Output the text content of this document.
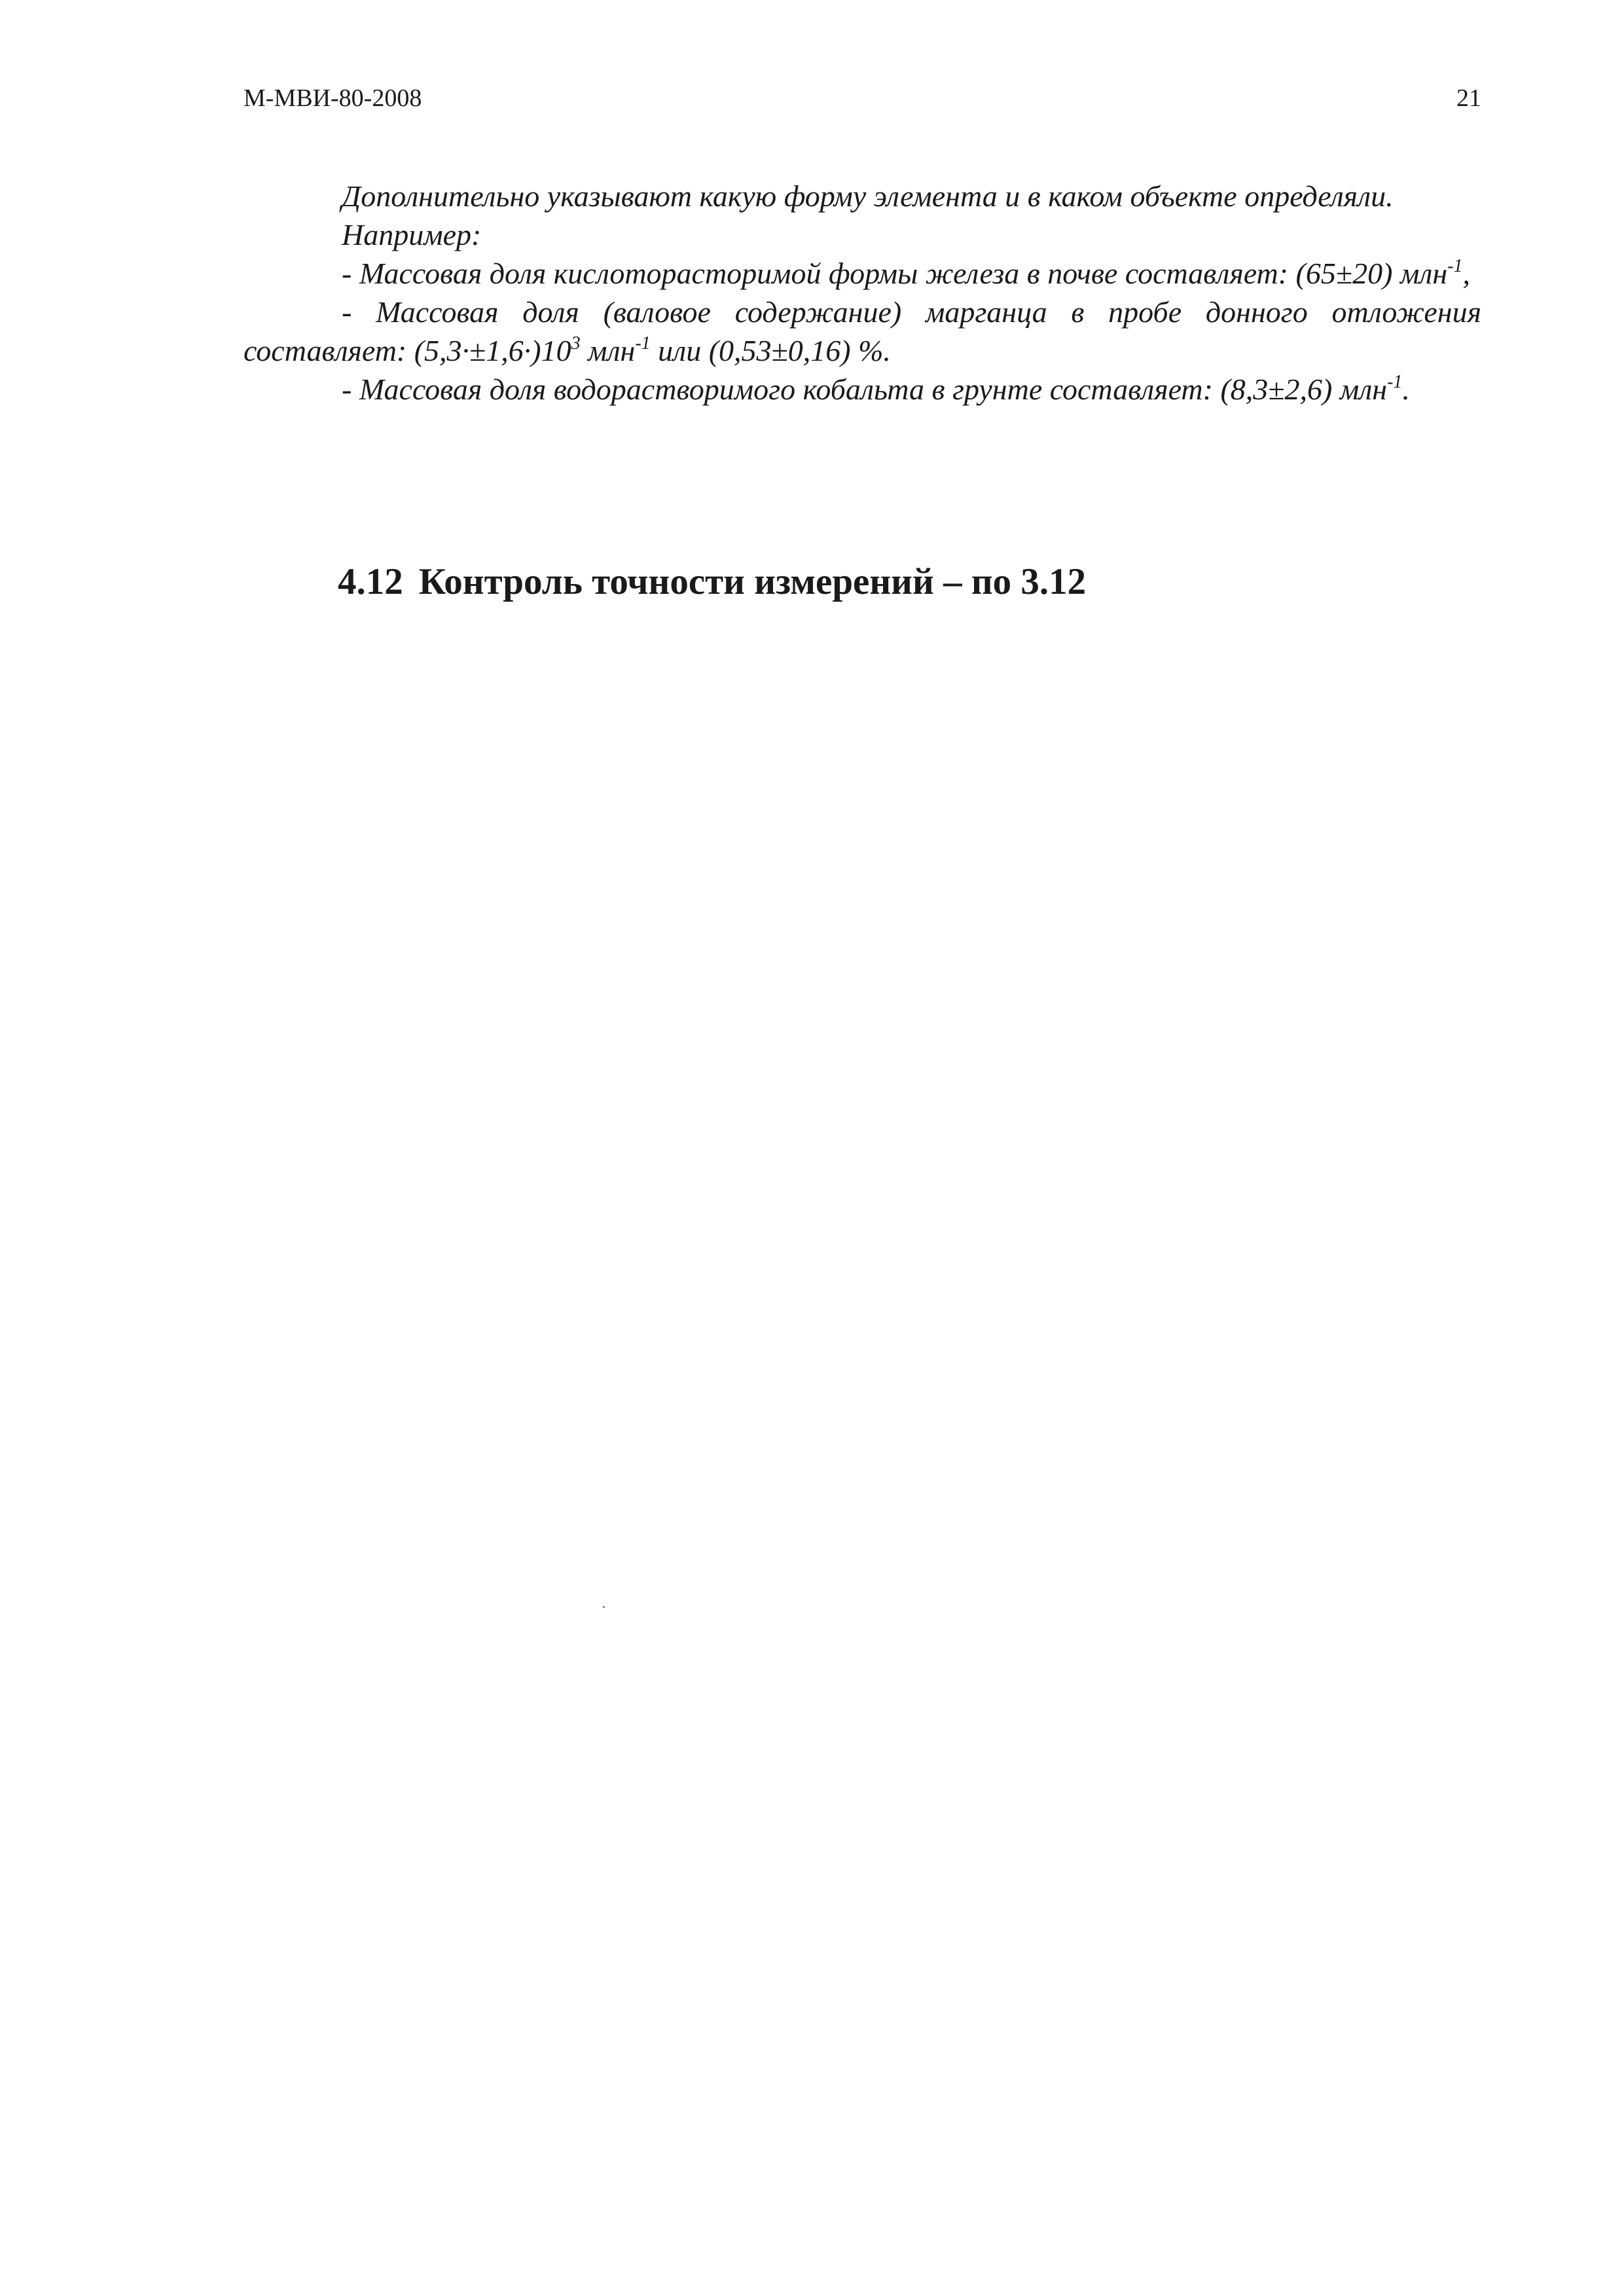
М-МВИ-80-2008	21

Дополнительно указывают какую форму элемента и в каком объекте определяли.

Например:

- Массовая доля кислоторасторимой формы железа в почве составляет: (65±20) млн$^{-1}$,

- Массовая доля (валовое содержание) марганца в пробе донного отложения составляет: $(5,3\cdot\pm 1,6\cdot)10^3$ млн$^{-1}$ или (0,53±0,16) %.

- Массовая доля водорастворимого кобальта в грунте составляет: (8,3±2,6) млн$^{-1}$.

4.12 Контроль точности измерений – по 3.12
